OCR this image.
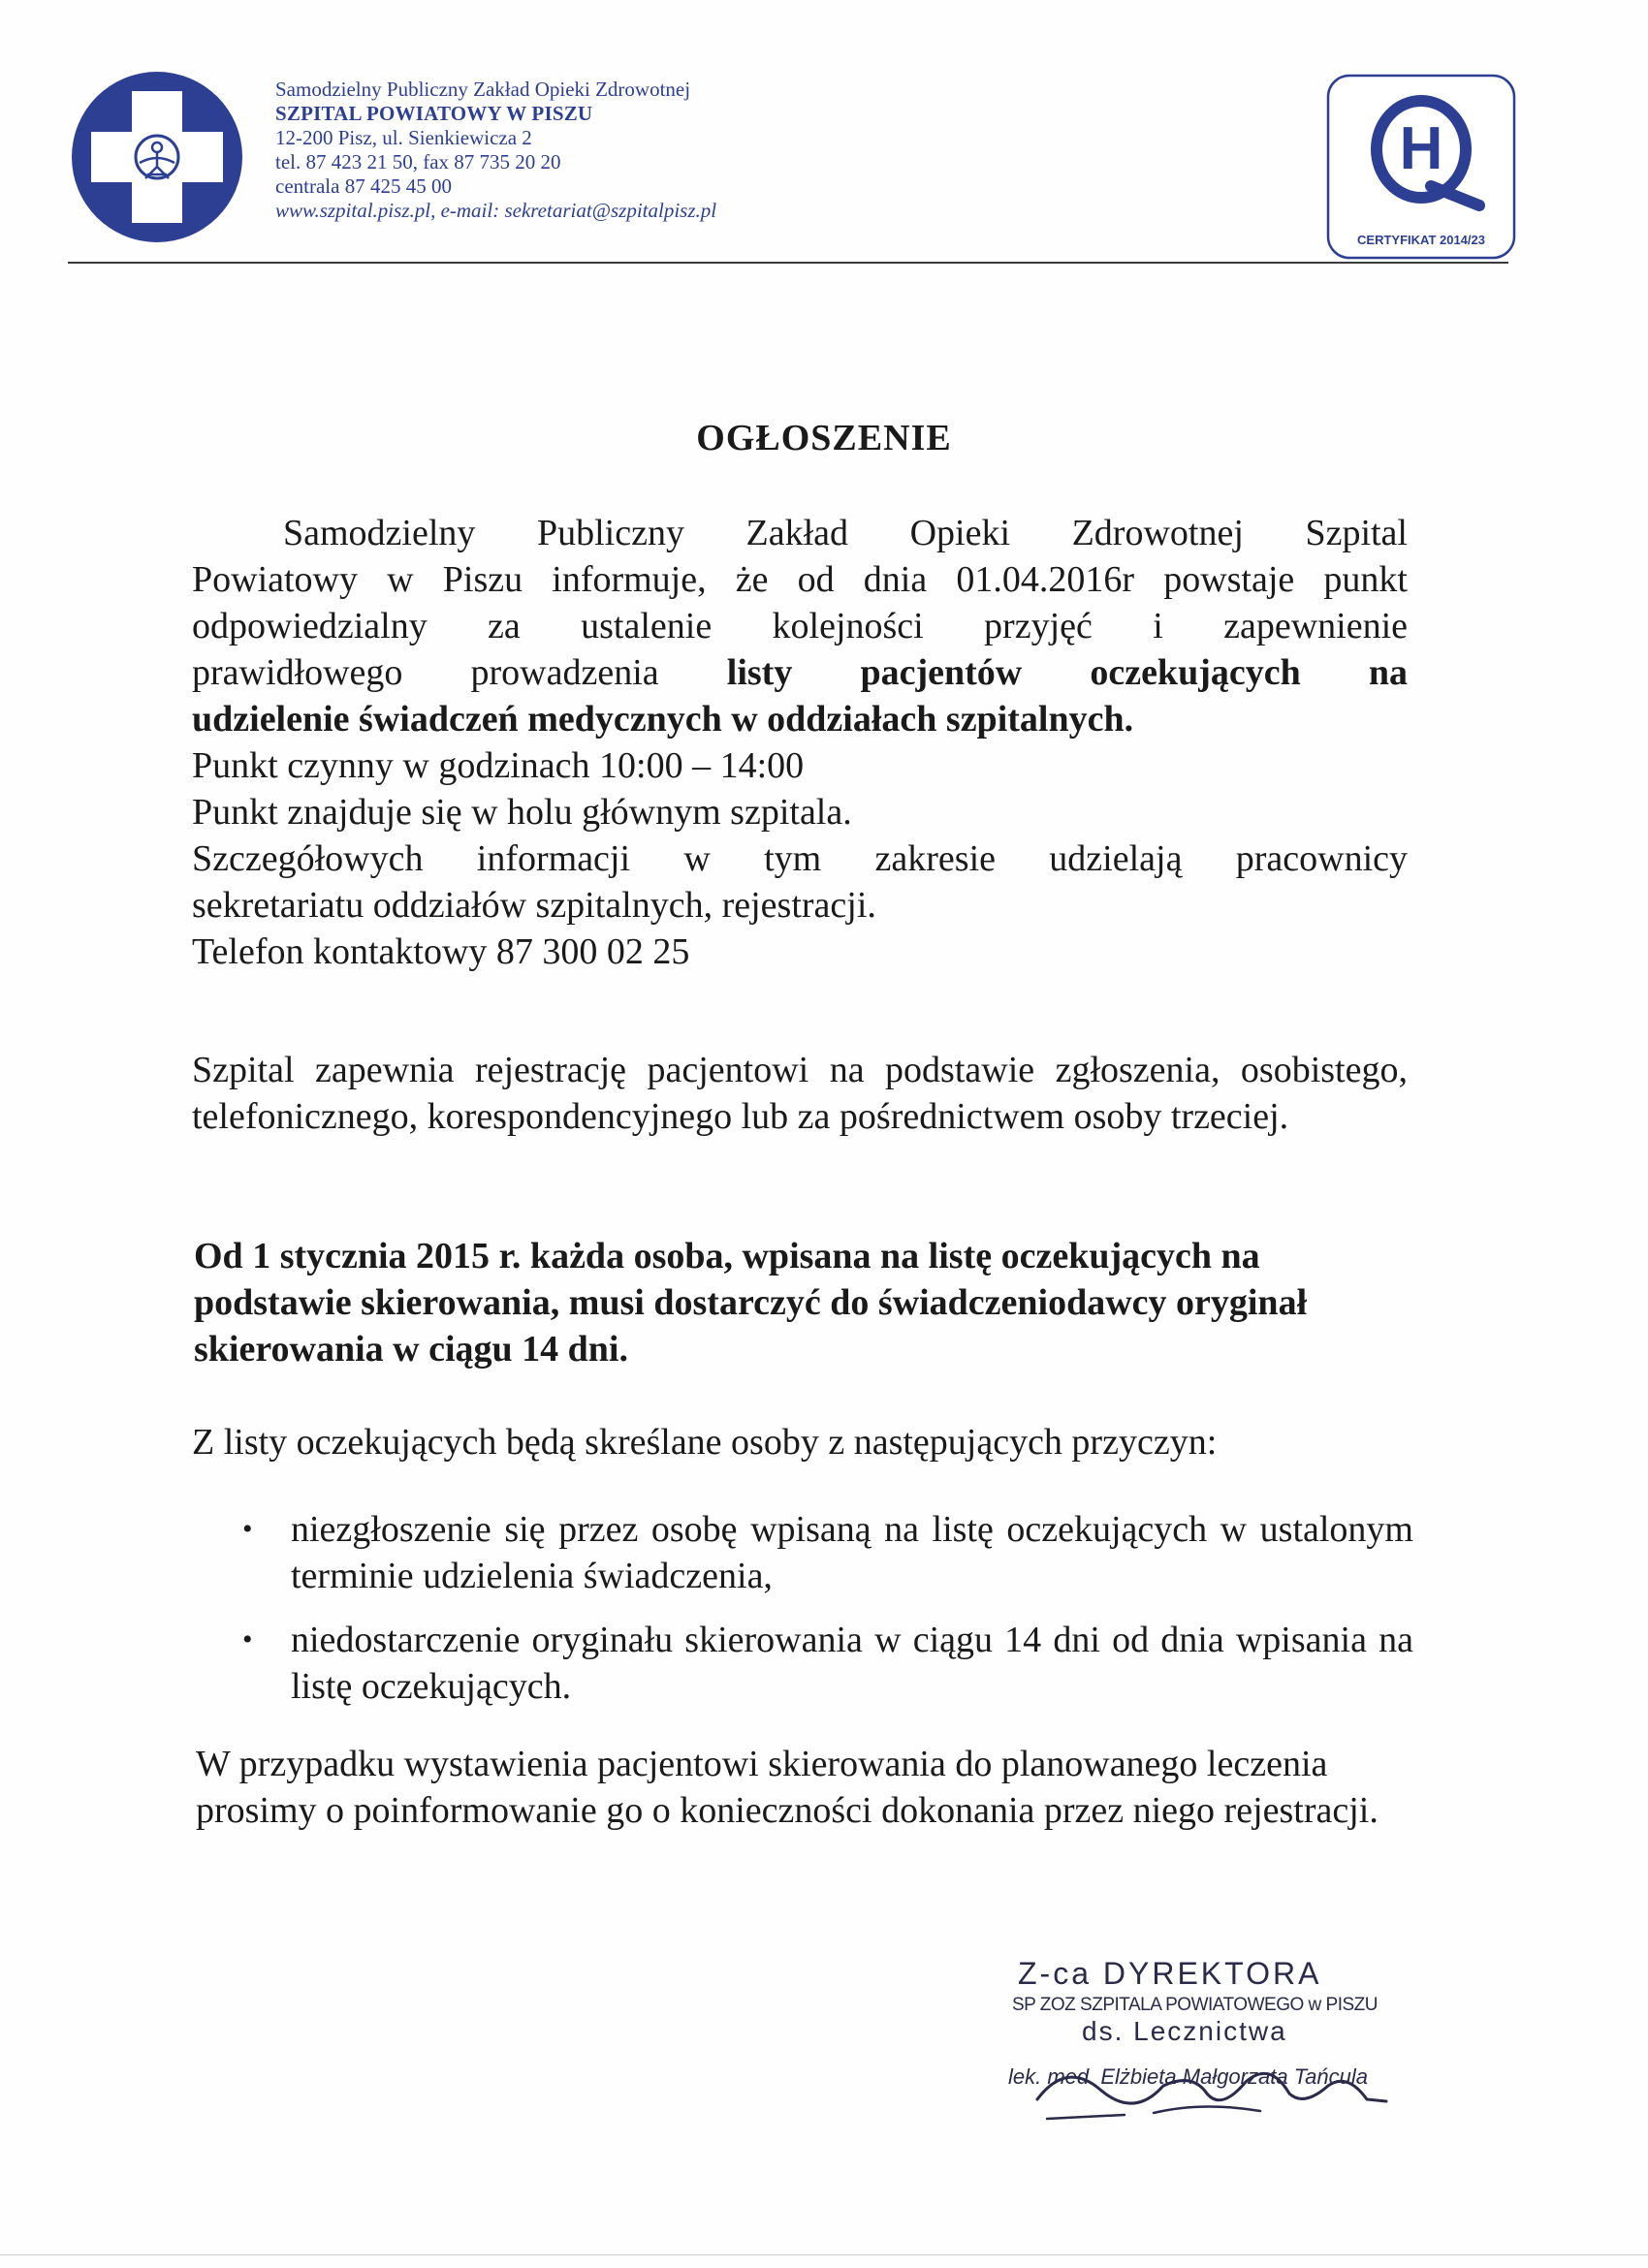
Samodzielny Publiczny Zakład Opieki Zdrowotnej
SZPITAL POWIATOWY W PISZU
12-200 Pisz, ul. Sienkiewicza 2
tel. 87 423 21 50, fax 87 735 20 20
centrala 87 425 45 00
www.szpital.pisz.pl, e-mail: sekretariat@szpitalpisz.pl
H
CERTYFIKAT 2014/23
OGŁOSZENIE
Samodzielny Publiczny Zakład Opieki Zdrowotnej Szpital
Powiatowy w Piszu informuje, że od dnia 01.04.2016r powstaje punkt
odpowiedzialny za ustalenie kolejności przyjęć i zapewnienie
prawidłowego prowadzenia listy pacjentów oczekujących na
udzielenie świadczeń medycznych w oddziałach szpitalnych.
Punkt czynny w godzinach 10:00 – 14:00
Punkt znajduje się w holu głównym szpitala.
Szczegółowych informacji w tym zakresie udzielają pracownicy
sekretariatu oddziałów szpitalnych, rejestracji.
Telefon kontaktowy 87 300 02 25
Szpital zapewnia rejestrację pacjentowi na podstawie zgłoszenia, osobistego, telefonicznego, korespondencyjnego lub za pośrednictwem osoby trzeciej.
Od 1 stycznia 2015 r. każda osoba, wpisana na listę oczekujących na podstawie skierowania, musi dostarczyć do świadczeniodawcy oryginał skierowania w ciągu 14 dni.
Z listy oczekujących będą skreślane osoby z następujących przyczyn:
• niezgłoszenie się przez osobę wpisaną na listę oczekujących w ustalonym terminie udzielenia świadczenia,
• niedostarczenie oryginału skierowania w ciągu 14 dni od dnia wpisania na listę oczekujących.
W przypadku wystawienia pacjentowi skierowania do planowanego leczenia prosimy o poinformowanie go o konieczności dokonania przez niego rejestracji.
Z-ca DYREKTORA
SP ZOZ SZPITALA POWIATOWEGO w PISZU
ds. Lecznictwa
lek. med. Elżbieta Małgorzata Tańcula
